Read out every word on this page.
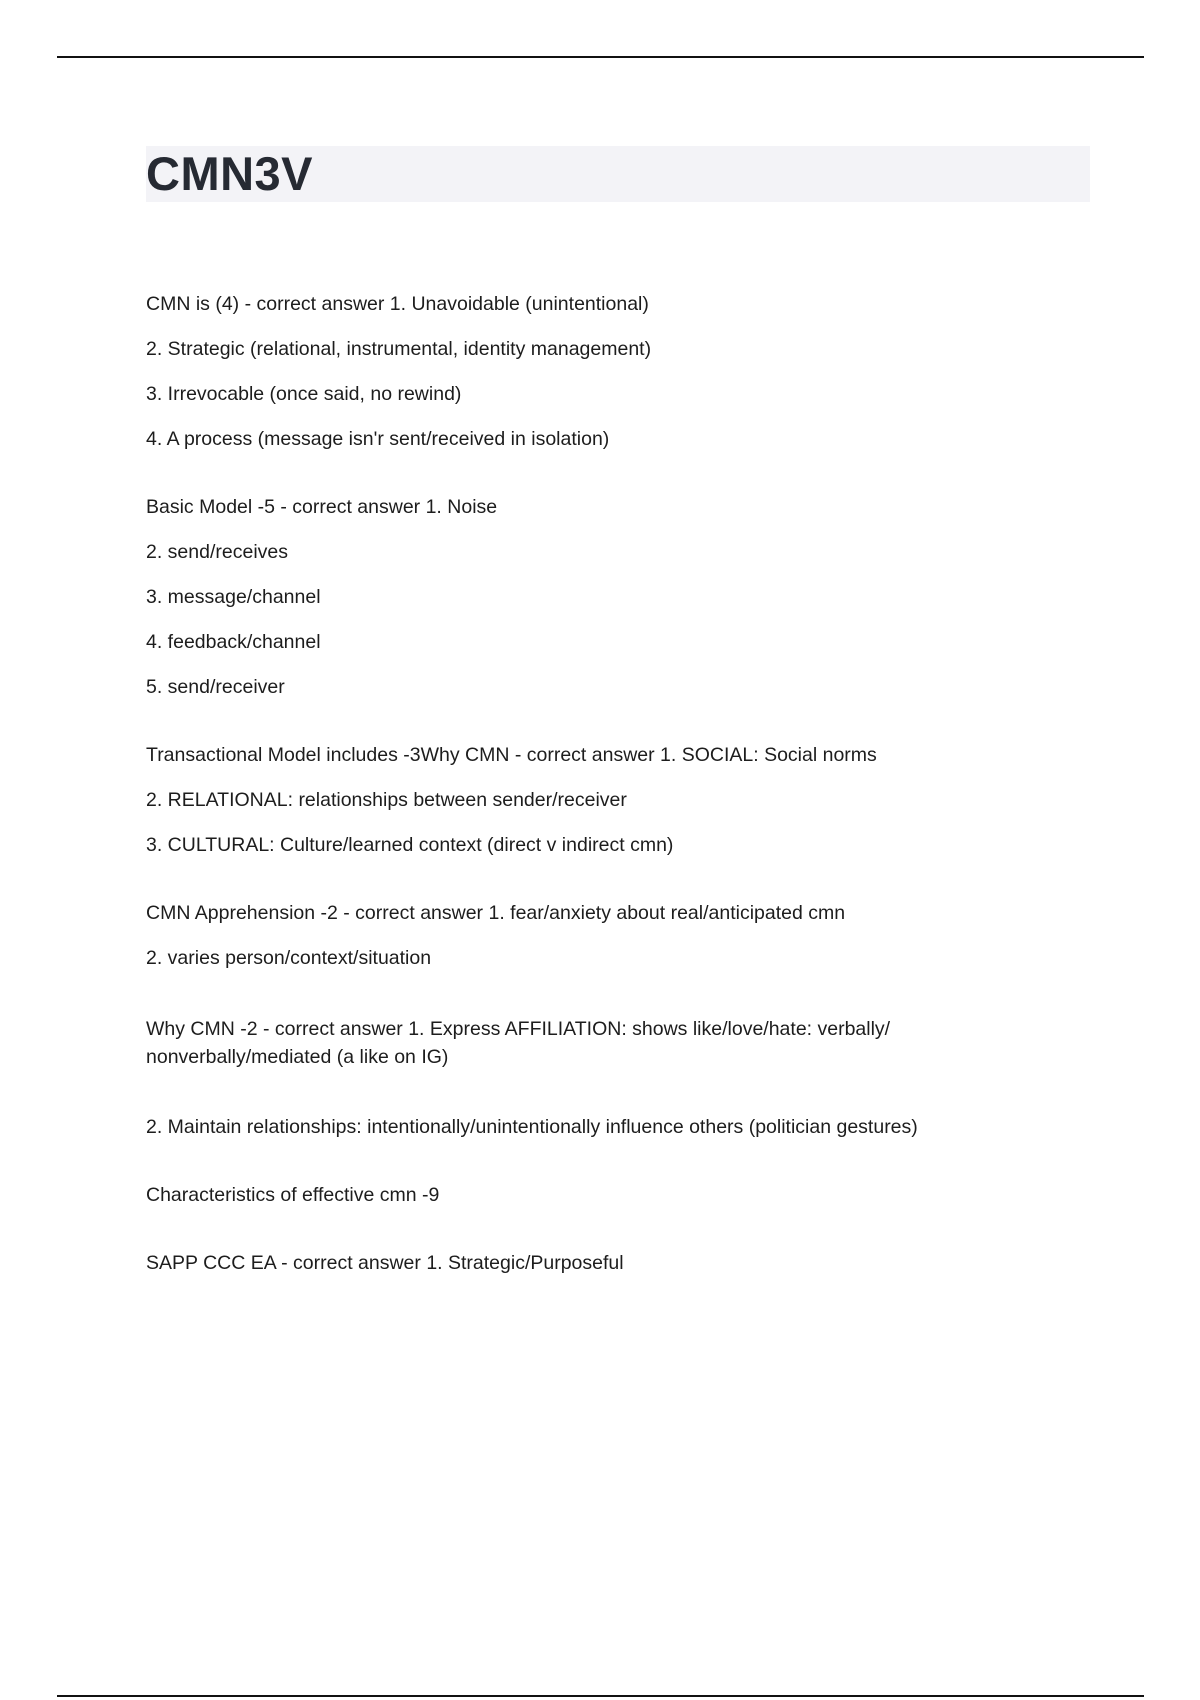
CMN3V

CMN is (4) - correct answer 1. Unavoidable (unintentional)

2. Strategic (relational, instrumental, identity management)

3. Irrevocable (once said, no rewind)

4. A process (message isn'r sent/received in isolation)

Basic Model -5 - correct answer 1. Noise

2. send/receives

3. message/channel

4. feedback/channel

5. send/receiver

Transactional Model includes -3Why CMN - correct answer 1. SOCIAL: Social norms

2. RELATIONAL: relationships between sender/receiver

3. CULTURAL: Culture/learned context (direct v indirect cmn)

CMN Apprehension -2 - correct answer 1. fear/anxiety about real/anticipated cmn

2. varies person/context/situation

Why CMN -2 - correct answer 1. Express AFFILIATION: shows like/love/hate: verbally/ nonverbally/mediated (a like on IG)

2. Maintain relationships: intentionally/unintentionally influence others (politician gestures)

Characteristics of effective cmn -9

SAPP CCC EA - correct answer 1. Strategic/Purposeful
